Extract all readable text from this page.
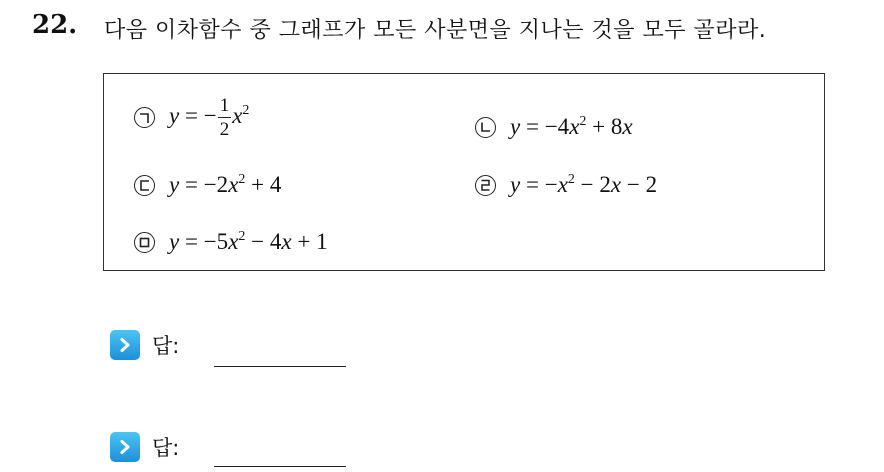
22. 다음 이차함수 중 그래프가 모든 사분면을 지나는 것을 모두 골라라.
y = − $\frac{1}{2} x^2$
$y = -4x^2 + 8x$
$y = -2x^2 + 4$	$y = -x^2 - 2x - 2$
$y = -5x^2 - 4x + 1$
답:
답:
